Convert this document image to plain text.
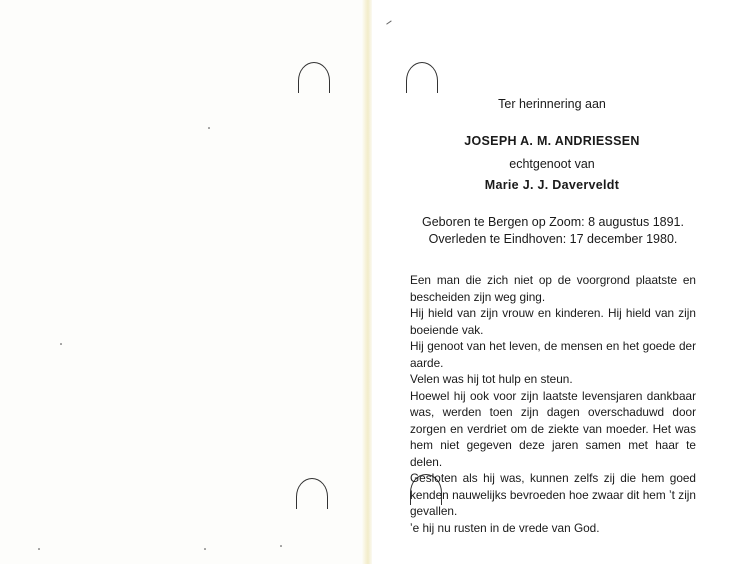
Ter herinnering aan
JOSEPH A. M. ANDRIESSEN
echtgenoot van
Marie J. J. Daverveldt
Geboren te Bergen op Zoom: 8 augustus 1891.
Overleden te Eindhoven: 17 december 1980.

Een man die zich niet op de voorgrond plaatste en bescheiden zijn weg ging.

Hij hield van zijn vrouw en kinderen. Hij hield van zijn boeiende vak.

Hij genoot van het leven, de mensen en het goede der aarde.

Velen was hij tot hulp en steun.

Hoewel hij ook voor zijn laatste levensjaren dankbaar was, werden toen zijn dagen overschaduwd door zorgen en verdriet om de ziekte van moeder. Het was hem niet gegeven deze jaren samen met haar te delen.

Gesloten als hij was, kunnen zelfs zij die hem goed kenden nauwelijks bevroeden hoe zwaar dit hem ʼt zijn gevallen.

ʼe hij nu rusten in de vrede van God.
